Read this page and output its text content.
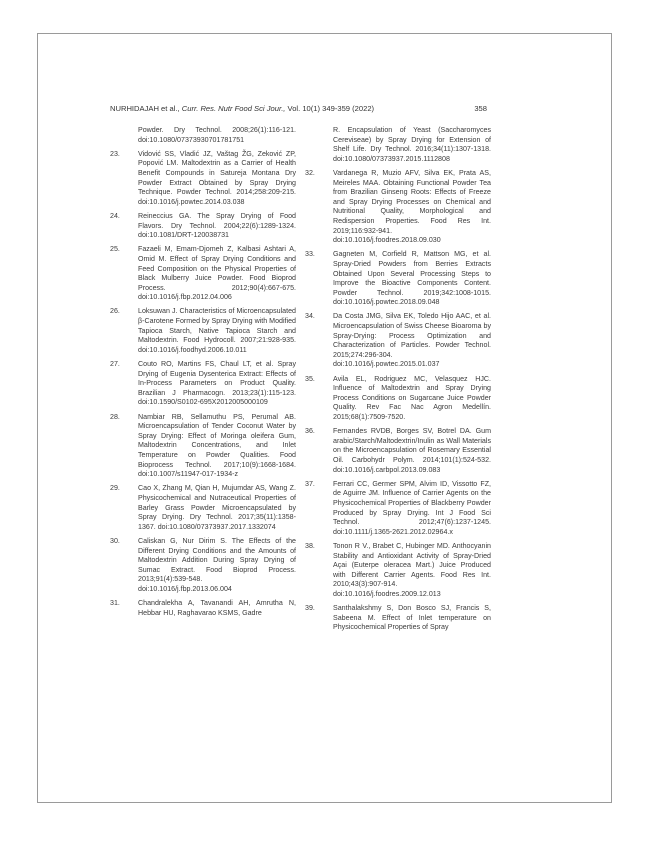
NURHIDAJAH et al., Curr. Res. Nutr Food Sci Jour., Vol. 10(1) 349-359 (2022)	358
Powder. Dry Technol. 2008;26(1):116-121. doi:10.1080/07373930701781751
23.	Vidović SS, Vladić JZ, Vaštag ŽG, Zeković ZP, Popović LM. Maltodextrin as a Carrier of Health Benefit Compounds in Satureja Montana Dry Powder Extract Obtained by Spray Drying Technique. Powder Technol. 2014;258:209-215. doi:10.1016/j.powtec.2014.03.038
24.	Reineccius GA. The Spray Drying of Food Flavors. Dry Technol. 2004;22(6):1289-1324. doi:10.1081/DRT-120038731
25.	Fazaeli M, Emam-Djomeh Z, Kalbasi Ashtari A, Omid M. Effect of Spray Drying Conditions and Feed Composition on the Physical Properties of Black Mulberry Juice Powder. Food Bioprod Process. 2012;90(4):667-675. doi:10.1016/j.fbp.2012.04.006
26.	Loksuwan J. Characteristics of Microencapsulated β-Carotene Formed by Spray Drying with Modified Tapioca Starch, Native Tapioca Starch and Maltodextrin. Food Hydrocoll. 2007;21:928-935. doi:10.1016/j.foodhyd.2006.10.011
27.	Couto RO, Martins FS, Chaul LT, et al. Spray Drying of Eugenia Dysenterica Extract: Effects of In-Process Parameters on Product Quality. Brazilian J Pharmacogn. 2013;23(1):115-123. doi:10.1590/S0102-695X2012005000109
28.	Nambiar RB, Sellamuthu PS, Perumal AB. Microencapsulation of Tender Coconut Water by Spray Drying: Effect of Moringa oleifera Gum, Maltodextrin Concentrations, and Inlet Temperature on Powder Qualities. Food Bioprocess Technol. 2017;10(9):1668-1684. doi:10.1007/s11947-017-1934-z
29.	Cao X, Zhang M, Qian H, Mujumdar AS, Wang Z. Physicochemical and Nutraceutical Properties of Barley Grass Powder Microencapsulated by Spray Drying. Dry Technol. 2017;35(11):1358-1367. doi:10.1080/07373937.2017.1332074
30.	Caliskan G, Nur Dirim S. The Effects of the Different Drying Conditions and the Amounts of Maltodextrin Addition During Spray Drying of Sumac Extract. Food Bioprod Process. 2013;91(4):539-548. doi:10.1016/j.fbp.2013.06.004
31.	Chandralekha A, Tavanandi AH, Amrutha N, Hebbar HU, Raghavarao KSMS, Gadre
R. Encapsulation of Yeast (Saccharomyces Cereviseae) by Spray Drying for Extension of Shelf Life. Dry Technol. 2016;34(11):1307-1318. doi:10.1080/07373937.2015.1112808
32.	Vardanega R, Muzio AFV, Silva EK, Prata AS, Meireles MAA. Obtaining Functional Powder Tea from Brazilian Ginseng Roots: Effects of Freeze and Spray Drying Processes on Chemical and Nutritional Quality, Morphological and Redispersion Properties. Food Res Int. 2019;116:932-941. doi:10.1016/j.foodres.2018.09.030
33.	Gagneten M, Corfield R, Mattson MG, et al. Spray-Dried Powders from Berries Extracts Obtained Upon Several Processing Steps to Improve the Bioactive Components Content. Powder Technol. 2019;342:1008-1015. doi:10.1016/j.powtec.2018.09.048
34.	Da Costa JMG, Silva EK, Toledo Hijo AAC, et al. Microencapsulation of Swiss Cheese Bioaroma by Spray-Drying: Process Optimization and Characterization of Particles. Powder Technol. 2015;274:296-304. doi:10.1016/j.powtec.2015.01.037
35.	Avila EL, Rodriguez MC, Velasquez HJC. Influence of Maltodextrin and Spray Drying Process Conditions on Sugarcane Juice Powder Quality. Rev Fac Nac Agron Medellín. 2015;68(1):7509-7520.
36.	Fernandes RVDB, Borges SV, Botrel DA. Gum arabic/Starch/Maltodextrin/Inulin as Wall Materials on the Microencapsulation of Rosemary Essential Oil. Carbohydr Polym. 2014;101(1):524-532. doi:10.1016/j.carbpol.2013.09.083
37.	Ferrari CC, Germer SPM, Alvim ID, Vissotto FZ, de Aguirre JM. Influence of Carrier Agents on the Physicochemical Properties of Blackberry Powder Produced by Spray Drying. Int J Food Sci Technol. 2012;47(6):1237-1245. doi:10.1111/j.1365-2621.2012.02964.x
38.	Tonon R V., Brabet C, Hubinger MD. Anthocyanin Stability and Antioxidant Activity of Spray-Dried Açai (Euterpe oleracea Mart.) Juice Produced with Different Carrier Agents. Food Res Int. 2010;43(3):907-914. doi:10.1016/j.foodres.2009.12.013
39.	Santhalakshmy S, Don Bosco SJ, Francis S, Sabeena M. Effect of Inlet temperature on Physicochemical Properties of Spray
